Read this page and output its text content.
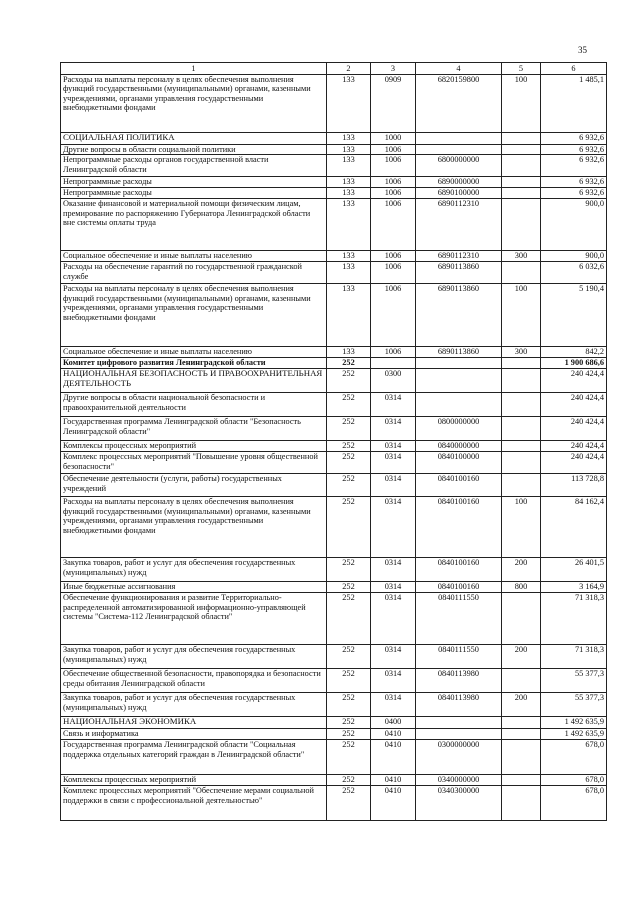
35
1	2	3	4	5	6
Расходы на выплаты персоналу в целях обеспечения выполнения функций государственными (муниципальными) органами, казенными учреждениями, органами управления государственными внебюджетными фондами	133	0909	6820159800	100	1 485,1
СОЦИАЛЬНАЯ ПОЛИТИКА	133	1000			6 932,6
Другие вопросы в области социальной политики	133	1006			6 932,6
Непрограммные расходы органов государственной власти Ленинградской области	133	1006	6800000000		6 932,6
Непрограммные расходы	133	1006	6890000000		6 932,6
Непрограммные расходы	133	1006	6890100000		6 932,6
Оказание финансовой и материальной помощи физическим лицам, премирование по распоряжению Губернатора Ленинградской области вне системы оплаты труда	133	1006	6890112310		900,0
Социальное обеспечение и иные выплаты населению	133	1006	6890112310	300	900,0
Расходы на обеспечение гарантий по государственной гражданской службе	133	1006	6890113860		6 032,6
Расходы на выплаты персоналу в целях обеспечения выполнения функций государственными (муниципальными) органами, казенными учреждениями, органами управления государственными внебюджетными фондами	133	1006	6890113860	100	5 190,4
Социальное обеспечение и иные выплаты населению	133	1006	6890113860	300	842,2
Комитет цифрового развития Ленинградской области	252				1 900 686,6
НАЦИОНАЛЬНАЯ БЕЗОПАСНОСТЬ И ПРАВООХРАНИТЕЛЬНАЯ ДЕЯТЕЛЬНОСТЬ	252	0300			240 424,4
Другие вопросы в области национальной безопасности и правоохранительной деятельности	252	0314			240 424,4
Государственная программа Ленинградской области "Безопасность Ленинградской области"	252	0314	0800000000		240 424,4
Комплексы процессных мероприятий	252	0314	0840000000		240 424,4
Комплекс процессных мероприятий "Повышение уровня общественной безопасности"	252	0314	0840100000		240 424,4
Обеспечение деятельности (услуги, работы) государственных учреждений	252	0314	0840100160		113 728,8
Расходы на выплаты персоналу в целях обеспечения выполнения функций государственными (муниципальными) органами, казенными учреждениями, органами управления государственными внебюджетными фондами	252	0314	0840100160	100	84 162,4
Закупка товаров, работ и услуг для обеспечения государственных (муниципальных) нужд	252	0314	0840100160	200	26 401,5
Иные бюджетные ассигнования	252	0314	0840100160	800	3 164,9
Обеспечение функционирования и развитие Территориально-распределенной автоматизированной информационно-управляющей системы "Система-112 Ленинградской области"	252	0314	0840111550		71 318,3
Закупка товаров, работ и услуг для обеспечения государственных (муниципальных) нужд	252	0314	0840111550	200	71 318,3
Обеспечение общественной безопасности, правопорядка и безопасности среды обитания Ленинградской области	252	0314	0840113980		55 377,3
Закупка товаров, работ и услуг для обеспечения государственных (муниципальных) нужд	252	0314	0840113980	200	55 377,3
НАЦИОНАЛЬНАЯ ЭКОНОМИКА	252	0400			1 492 635,9
Связь и информатика	252	0410			1 492 635,9
Государственная программа Ленинградской области "Социальная поддержка отдельных категорий граждан в Ленинградской области"	252	0410	0300000000		678,0
Комплексы процессных мероприятий	252	0410	0340000000		678,0
Комплекс процессных мероприятий "Обеспечение мерами социальной поддержки в связи с профессиональной деятельностью"	252	0410	0340300000		678,0
